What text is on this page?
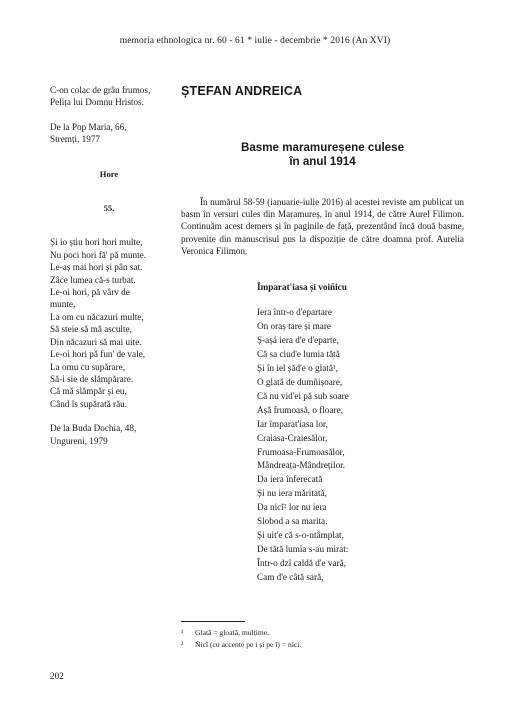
memoria ethnologica nr. 60 - 61 * iulie - decembrie * 2016 (An XVI)

C-on colac de grâu frumos,

Pelița lui Domnu Hristos.

De la Pop Maria, 66,

Stremți, 1977

Hore

55.

Și io știu hori hori multe,

Nu poci hori fă' pă munte.

Le-aș mai hori și pân sat.

Zâce lumea că-s turbat.

Le-oi hori, pă vârv de

munte,

La om cu năcazuri multe,

Să steie să mă asculte,

Din năcazuri să mai uite.

Le-oi hori pă fun' de vale,

La omu cu supărare,

Să-i sie de slămpărare.

Că mă slămpăr și eu,

Când îs supărată rău.

De la Buda Dochia, 48,

Ungureni, 1979

ȘTEFAN ANDREICA
Basme maramureșene culese
în anul 1914

În numărul 58-59 (ianuarie-iulie 2016) al acestei reviste am publicat un basm în versuri cules din Maramureș, în anul 1914, de către Aurel Filimon. Continuăm acest demers și în paginile de față, prezentând încă două basme, provenite din manuscrisul pus la dispoziție de către doamna prof. Aurelia Veronica Filimon.

Împarat'iasa și voiñicu

Iera într-o d'epartare

On oraș tare și mare

Ș-așá iera d'e d'eparte,

Că sa ciud'e lumia tătă

Și în iel șăd'e o glată¹,

O glată de dumñișoare,

Că nu vid'ei pă sub soare

Așă frumoasă, o floare,

Iar împarat'iasa lor,

Craiasa-Craiesălor,

Frumoasa-Frumoasălor,

Mândreața-Mândreților.

Da iera înferecată

Și nu iera măritată,

Da nicĭ² lor nu iera

Slobod a sa marita.

Și uit'e că s-o-ntâmplat,

De tătă lumia s-au mirat:

Într-o dzî caldă d'e vară,

Cam d'e câtă sară,

¹ Glată = gloată, mulțime.

² Ñicĭ (cu accente pe i și pe î) = nici.

202
